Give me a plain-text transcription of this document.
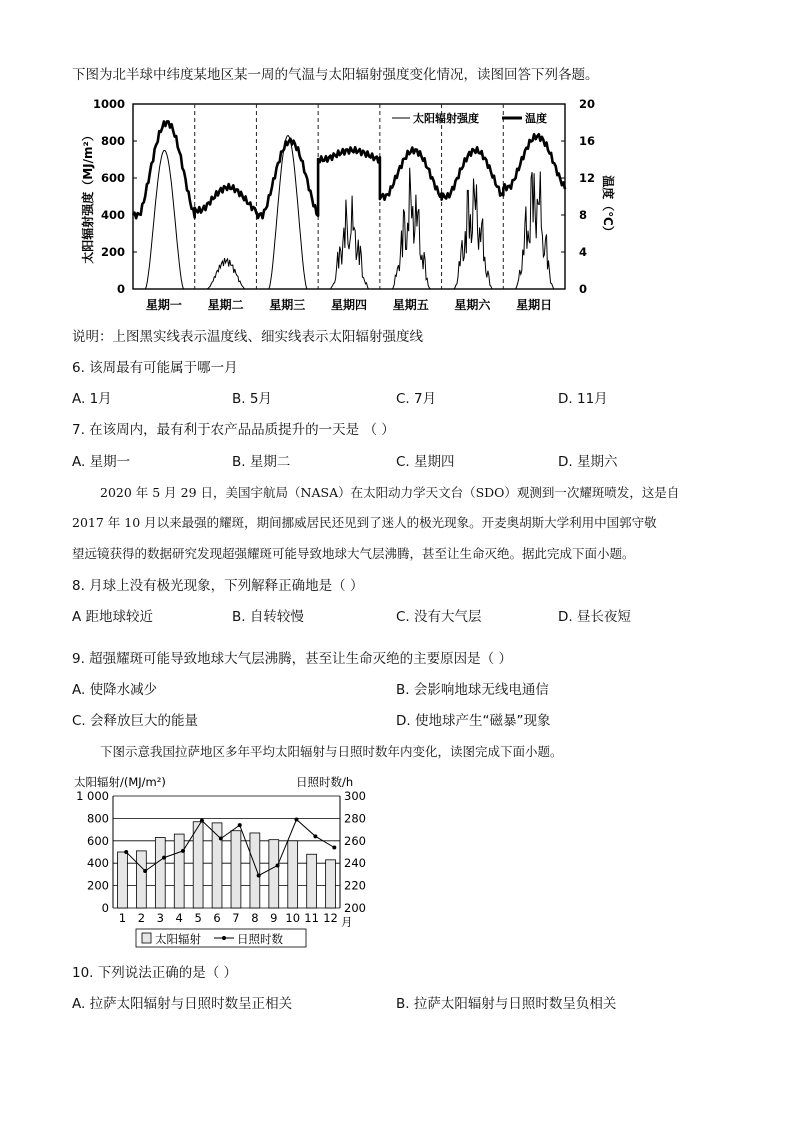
下图为北半球中纬度某地区某一周的气温与太阳辐射强度变化情况，读图回答下列各题。
1000
800
600
400
200
0
20
16
12
8
4
0
太阳辐射强度（MJ/m²）	温度（℃）
星期一 星期二 星期三 星期四 星期五 星期六 星期日
太阳辐射强度	温度
说明：上图黑实线表示温度线、细实线表示太阳辐射强度线
6. 该周最有可能属于哪一月
A. 1月	B. 5月	C. 7月	D. 11月
7. 在该周内，最有利于农产品品质提升的一天是 （ ）
A. 星期一	B. 星期二	C. 星期四	D. 星期六
2020 年 5 月 29 日，美国宇航局（NASA）在太阳动力学天文台（SDO）观测到一次耀斑喷发，这是自
2017 年 10 月以来最强的耀斑，期间挪威居民还见到了迷人的极光现象。开麦奥胡斯大学利用中国郭守敬
望远镜获得的数据研究发现超强耀斑可能导致地球大气层沸腾，甚至让生命灭绝。据此完成下面小题。
8. 月球上没有极光现象，下列解释正确地是（ ）
A 距地球较近	B. 自转较慢	C. 没有大气层	D. 昼长夜短
9. 超强耀斑可能导致地球大气层沸腾，甚至让生命灭绝的主要原因是（ ）
A. 使降水减少	B. 会影响地球无线电通信
C. 会释放巨大的能量	D. 使地球产生“磁暴”现象
下图示意我国拉萨地区多年平均太阳辐射与日照时数年内变化，读图完成下面小题。
太阳辐射/(MJ/m²)	日照时数/h
1 000
800
600
400
200
0
300
280
260
240
220
200
1 2 3 4 5 6 7 8 9 10 11 12 月
太阳辐射	日照时数
10. 下列说法正确的是（ ）
A. 拉萨太阳辐射与日照时数呈正相关	B. 拉萨太阳辐射与日照时数呈负相关
